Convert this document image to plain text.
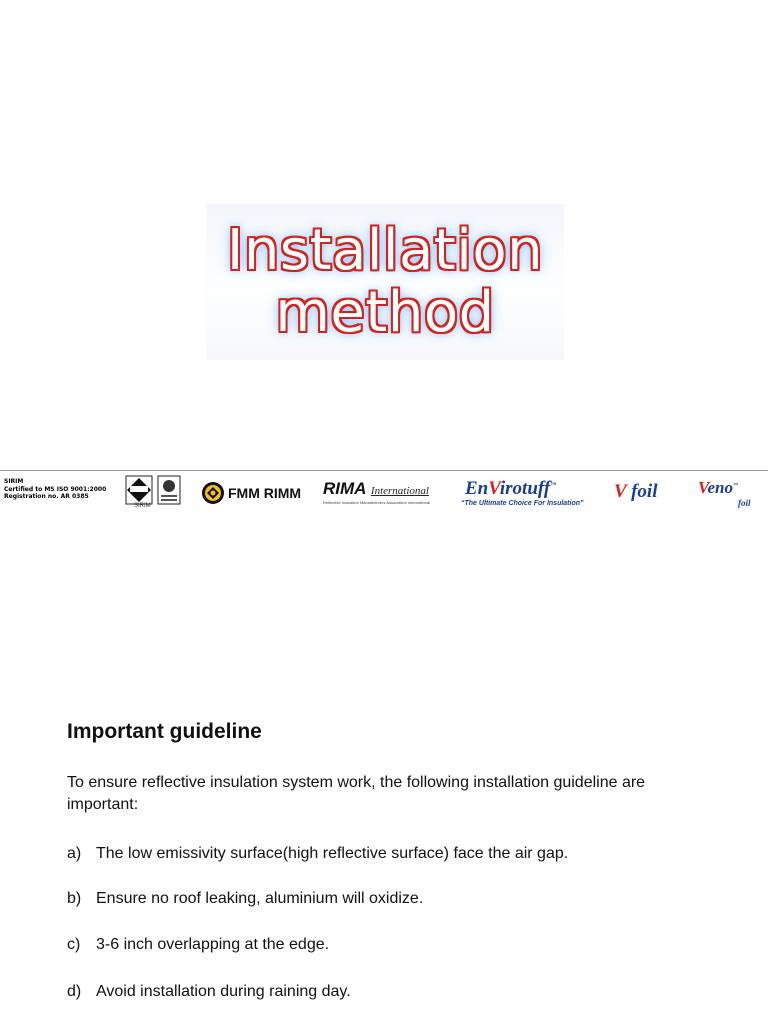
Installation
method
SIRIM
Certified to MS ISO 9001:2000
Registration no. AR 0385
SIRIM
FMM RIMM RIMA International
Reflective Insulation Manufacturers Association International
EnVirotuff™
“The Ultimate Choice For Insulation”
V foil Veno™
foil
Important guideline
To ensure reflective insulation system work, the following installation guideline are important:
a) The low emissivity surface(high reflective surface) face the air gap.
b) Ensure no roof leaking, aluminium will oxidize.
c) 3-6 inch overlapping at the edge.
d) Avoid installation during raining day.
